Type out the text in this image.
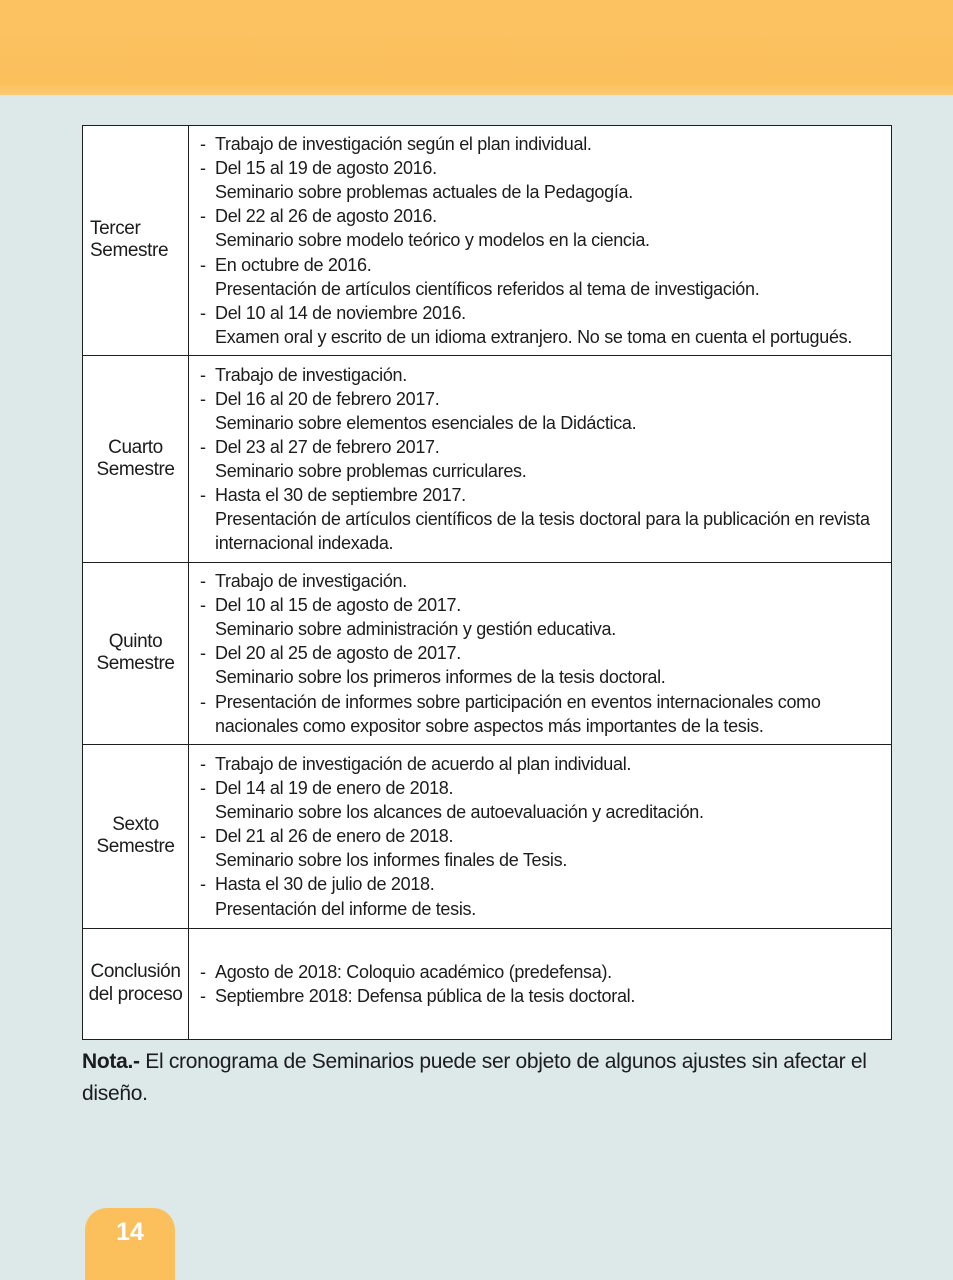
Tercer Semestre	
- Trabajo de investigación según el plan individual.
- Del 15 al 19 de agosto 2016.
Seminario sobre problemas actuales de la Pedagogía.
- Del 22 al 26 de agosto 2016.
Seminario sobre modelo teórico y modelos en la ciencia.
- En octubre de 2016.
Presentación de artículos científicos referidos al tema de investigación.
- Del 10 al 14 de noviembre 2016.
Examen oral y escrito de un idioma extranjero. No se toma en cuenta el portugués.

Cuarto Semestre	
- Trabajo de investigación.
- Del 16 al 20 de febrero 2017.
Seminario sobre elementos esenciales de la Didáctica.
- Del 23 al 27 de febrero 2017.
Seminario sobre problemas curriculares.
- Hasta el 30 de septiembre 2017.
Presentación de artículos científicos de la tesis doctoral para la publicación en revista internacional indexada.

Quinto Semestre	
- Trabajo de investigación.
- Del 10 al 15 de agosto de 2017.
Seminario sobre administración y gestión educativa.
- Del 20 al 25 de agosto de 2017.
Seminario sobre los primeros informes de la tesis doctoral.
- Presentación de informes sobre participación en eventos internacionales como nacionales como expositor sobre aspectos más importantes de la tesis.

Sexto Semestre	
- Trabajo de investigación de acuerdo al plan individual.
- Del 14 al 19 de enero de 2018.
Seminario sobre los alcances de autoevaluación y acreditación.
- Del 21 al 26 de enero de 2018.
Seminario sobre los informes finales de Tesis.
- Hasta el 30 de julio de 2018.
Presentación del informe de tesis.

Conclusión del proceso	- Agosto de 2018: Coloquio académico (predefensa).
- Septiembre 2018: Defensa pública de la tesis doctoral.

Nota.- El cronograma de Seminarios puede ser objeto de algunos ajustes sin afectar el diseño.

14
